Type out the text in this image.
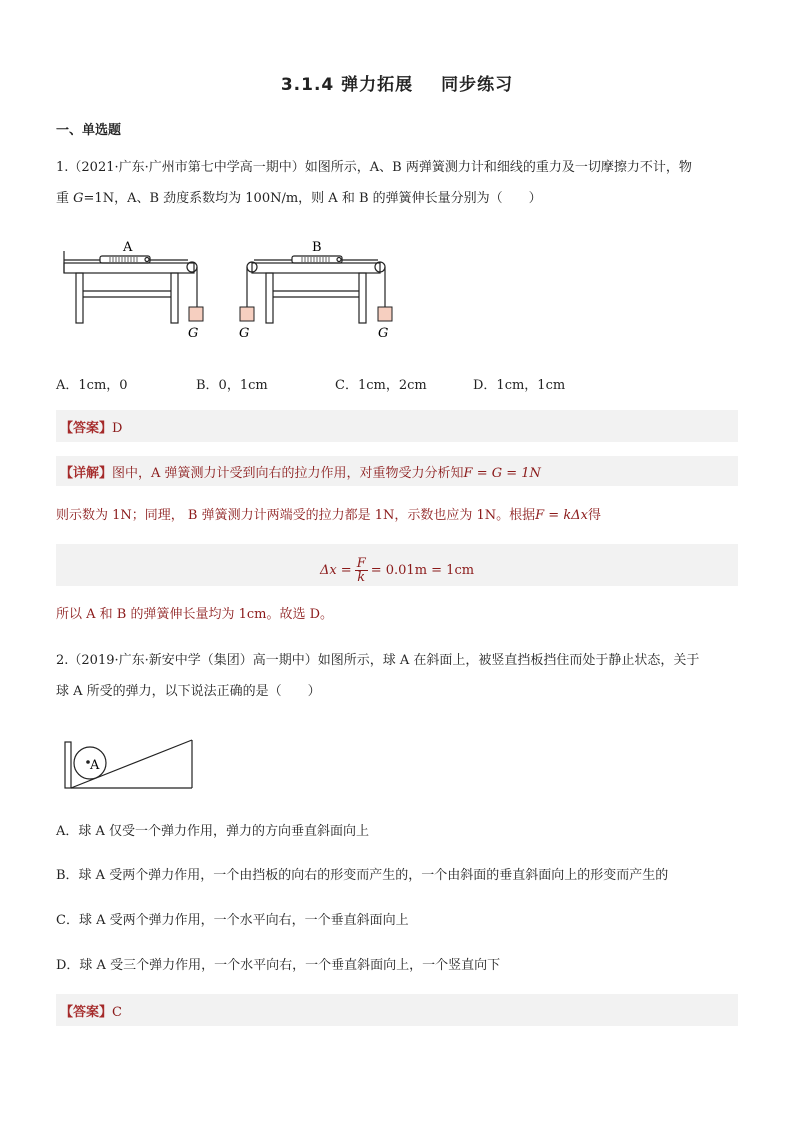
3.1.4 弹力拓展 同步练习
一、单选题
1.（2021·广东·广州市第七中学高一期中）如图所示，A、B 两弹簧测力计和细线的重力及一切摩擦力不计，物
重 G=1N，A、B 劲度系数均为 100N/m，则 A 和 B 的弹簧伸长量分别为（　　）
A
G
B
G	G
A．1cm，0	B．0，1cm	C．1cm，2cm	D．1cm，1cm
【答案】D
【详解】图中，A 弹簧测力计受到向右的拉力作用，对重物受力分析知F = G = 1N
则示数为 1N；同理， B 弹簧测力计两端受的拉力都是 1N，示数也应为 1N。根据F = kΔx得
$\Delta x = \frac{F}{k} = 0.01m = 1cm$
所以 A 和 B 的弹簧伸长量均为 1cm。故选 D。
2.（2019·广东·新安中学（集团）高一期中）如图所示，球 A 在斜面上，被竖直挡板挡住而处于静止状态，关于
球 A 所受的弹力，以下说法正确的是（　　）
A
A．球 A 仅受一个弹力作用，弹力的方向垂直斜面向上
B．球 A 受两个弹力作用，一个由挡板的向右的形变而产生的，一个由斜面的垂直斜面向上的形变而产生的
C．球 A 受两个弹力作用，一个水平向右，一个垂直斜面向上
D．球 A 受三个弹力作用，一个水平向右，一个垂直斜面向上，一个竖直向下
【答案】C
